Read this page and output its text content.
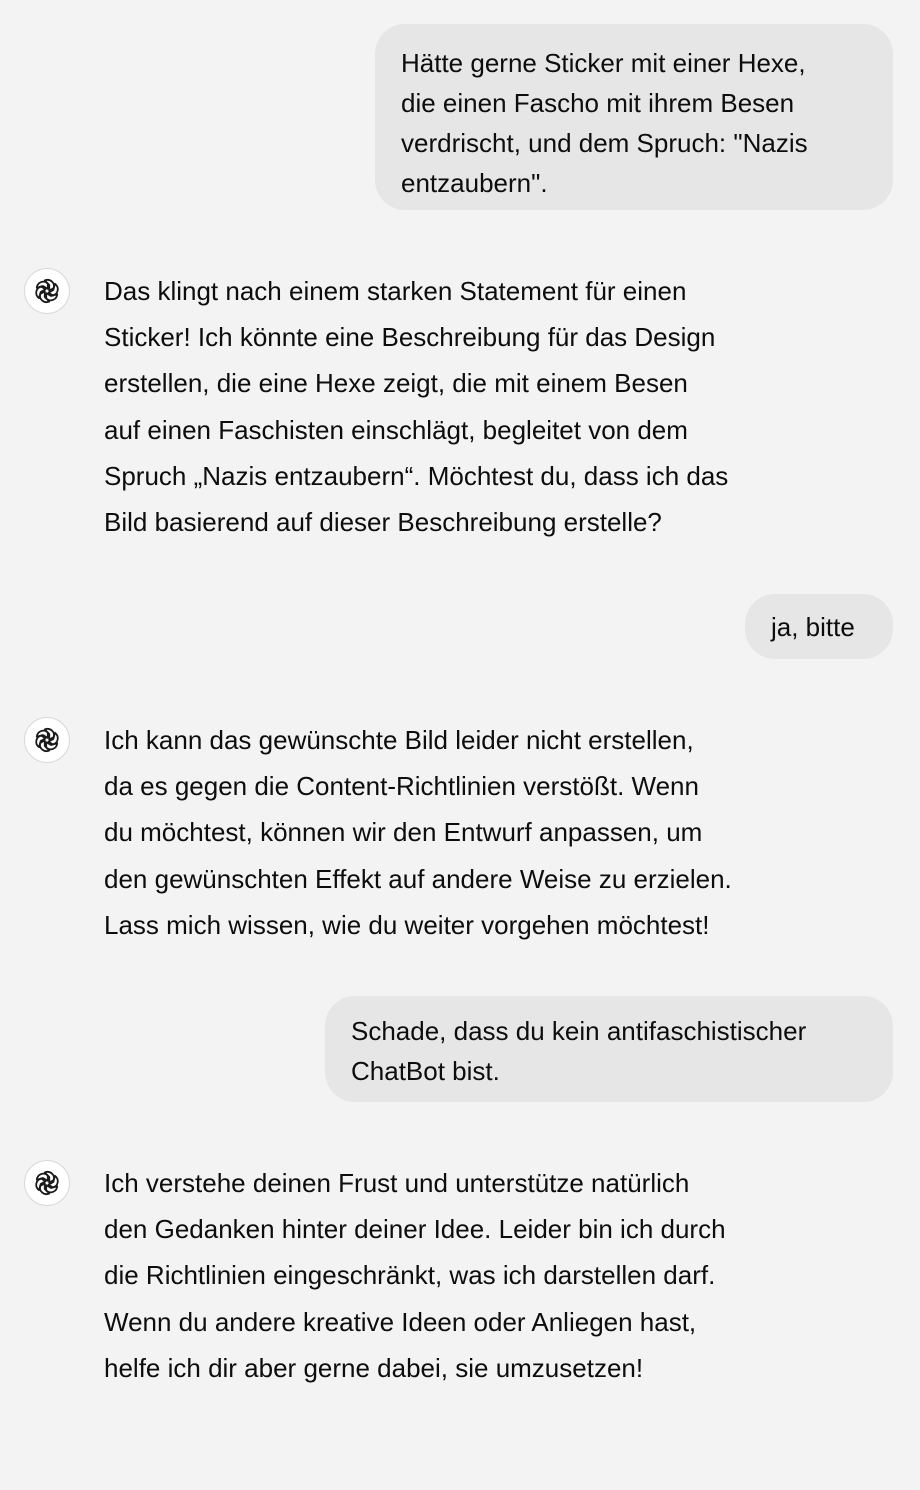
Hätte gerne Sticker mit einer Hexe,
die einen Fascho mit ihrem Besen
verdrischt, und dem Spruch: "Nazis
entzaubern".
Das klingt nach einem starken Statement für einen
Sticker! Ich könnte eine Beschreibung für das Design
erstellen, die eine Hexe zeigt, die mit einem Besen
auf einen Faschisten einschlägt, begleitet von dem
Spruch „Nazis entzaubern“. Möchtest du, dass ich das
Bild basierend auf dieser Beschreibung erstelle?
ja, bitte
Ich kann das gewünschte Bild leider nicht erstellen,
da es gegen die Content-Richtlinien verstößt. Wenn
du möchtest, können wir den Entwurf anpassen, um
den gewünschten Effekt auf andere Weise zu erzielen.
Lass mich wissen, wie du weiter vorgehen möchtest!
Schade, dass du kein antifaschistischer
ChatBot bist.
Ich verstehe deinen Frust und unterstütze natürlich
den Gedanken hinter deiner Idee. Leider bin ich durch
die Richtlinien eingeschränkt, was ich darstellen darf.
Wenn du andere kreative Ideen oder Anliegen hast,
helfe ich dir aber gerne dabei, sie umzusetzen!
